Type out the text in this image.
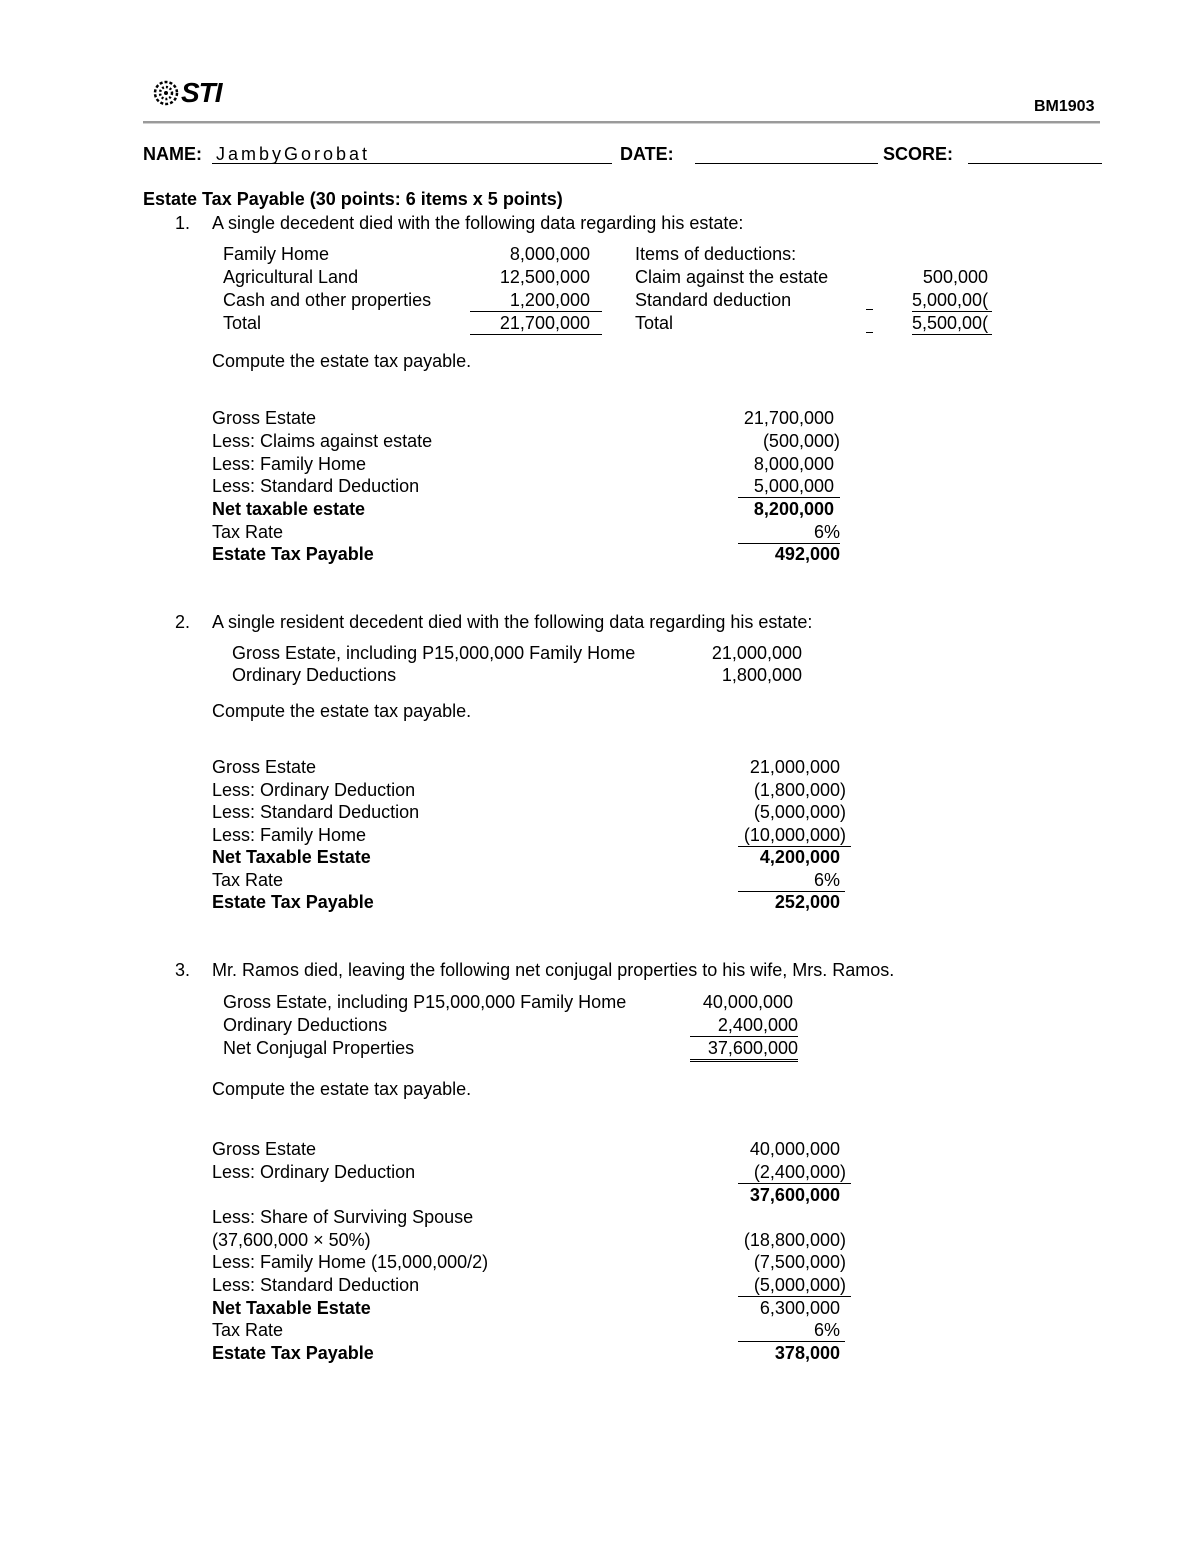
STI	BM1903
NAME: JambyGorobat	DATE:	SCORE:
Estate Tax Payable (30 points: 6 items x 5 points)
1. A single decedent died with the following data regarding his estate:
Family Home	8,000,000
Agricultural Land	12,500,000
Cash and other properties	1,200,000
Total	21,700,000
Items of deductions:
Claim against the estate	500,000
Standard deduction	5,000,00(
Total	5,500,00(
Compute the estate tax payable.
Gross Estate	21,700,000
Less: Claims against estate	(500,000)
Less: Family Home	8,000,000
Less: Standard Deduction	5,000,000
Net taxable estate	8,200,000
Tax Rate	6%
Estate Tax Payable	492,000
2. A single resident decedent died with the following data regarding his estate:
Gross Estate, including P15,000,000 Family Home	21,000,000
Ordinary Deductions	1,800,000
Compute the estate tax payable.
Gross Estate	21,000,000
Less: Ordinary Deduction	(1,800,000)
Less: Standard Deduction	(5,000,000)
Less: Family Home	(10,000,000)
Net Taxable Estate	4,200,000
Tax Rate	6%
Estate Tax Payable	252,000
3. Mr. Ramos died, leaving the following net conjugal properties to his wife, Mrs. Ramos.
Gross Estate, including P15,000,000 Family Home	40,000,000
Ordinary Deductions	2,400,000
Net Conjugal Properties	37,600,000
Compute the estate tax payable.
Gross Estate	40,000,000
Less: Ordinary Deduction	(2,400,000)
37,600,000
Less: Share of Surviving Spouse
(37,600,000 × 50%)	(18,800,000)
Less: Family Home (15,000,000/2)	(7,500,000)
Less: Standard Deduction	(5,000,000)
Net Taxable Estate	6,300,000
Tax Rate	6%
Estate Tax Payable	378,000
